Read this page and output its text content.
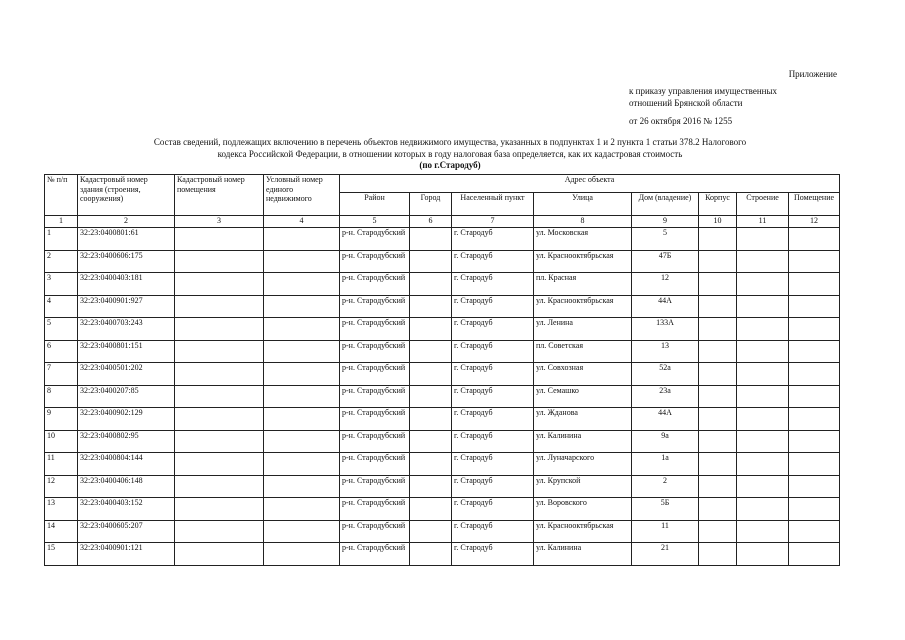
Приложение
к приказу управления имущественных
отношений Брянской области
от 26 октября 2016 № 1255
Состав сведений, подлежащих включению в перечень объектов недвижимого имущества, указанных в подпунктах 1 и 2 пункта 1 статьи 378.2 Налогового
кодекса Российской Федерации, в отношении которых в году налоговая база определяется, как их кадастровая стоимость
(по г.Стародуб)
№ п/п	Кадастровый номер здания (строения, сооружения)	Кадастровый номер помещения	Условный номер единого недвижимого	Адрес объекта							
				Район	Город	Населенный пункт	Улица	Дом (владение)	Корпус	Строение	Помещение
1	2	3	4	5	6	7	8	9	10	11	12
1	32:23:0400801:61			р-н. Стародубский		г. Стародуб	ул. Московская	5			
2	32:23:0400606:175			р-н. Стародубский		г. Стародуб	ул. Краснооктябрьская	47Б			
3	32:23:0400403:181			р-н. Стародубский		г. Стародуб	пл. Красная	12			
4	32:23:0400901:927			р-н. Стародубский		г. Стародуб	ул. Краснооктябрьская	44А			
5	32:23:0400703:243			р-н. Стародубский		г. Стародуб	ул. Ленина	133А			
6	32:23:0400801:151			р-н. Стародубский		г. Стародуб	пл. Советская	13			
7	32:23:0400501:202			р-н. Стародубский		г. Стародуб	ул. Совхозная	52а			
8	32:23:0400207:85			р-н. Стародубский		г. Стародуб	ул. Семашко	23а			
9	32:23:0400902:129			р-н. Стародубский		г. Стародуб	ул. Жданова	44А			
10	32:23:0400802:95			р-н. Стародубский		г. Стародуб	ул. Калинина	9а			
11	32:23:0400804:144			р-н. Стародубский		г. Стародуб	ул. Луначарского	1а			
12	32:23:0400406:148			р-н. Стародубский		г. Стародуб	ул. Крупской	2			
13	32:23:0400403:152			р-н. Стародубский		г. Стародуб	ул. Воровского	5Б			
14	32:23:0400605:207			р-н. Стародубский		г. Стародуб	ул. Краснооктябрьская	11			
15	32:23:0400901:121			р-н. Стародубский		г. Стародуб	ул. Калинина	21			
